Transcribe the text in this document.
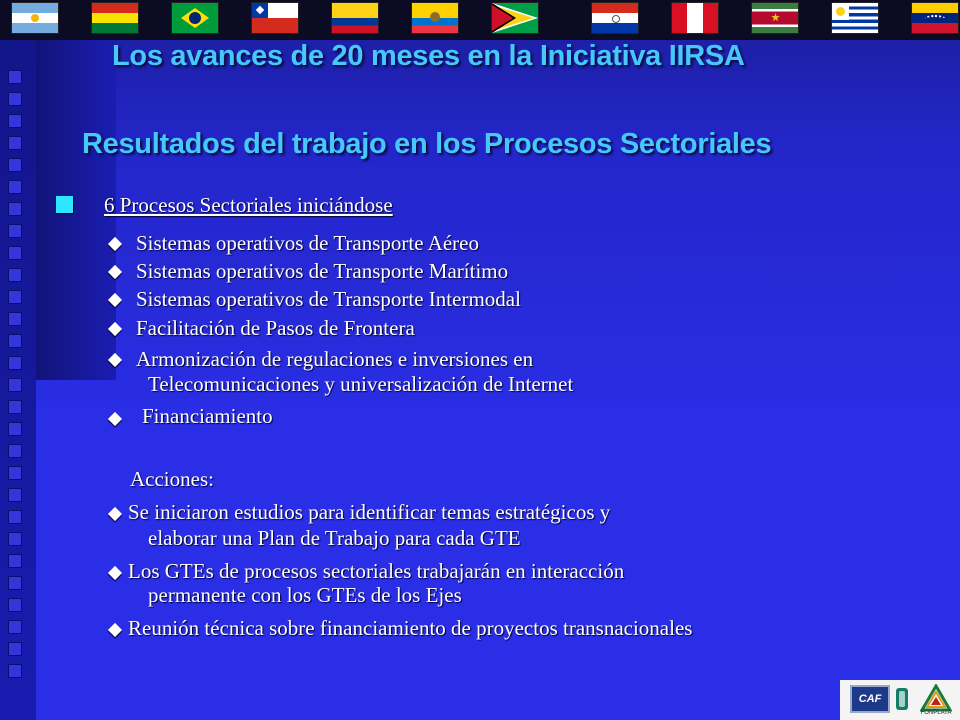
Los avances de 20 meses en la Iniciativa IIRSA
Resultados del trabajo en los Procesos Sectoriales
6 Procesos Sectoriales iniciándose
Sistemas operativos de Transporte Aéreo
Sistemas operativos de Transporte Marítimo
Sistemas operativos de Transporte Intermodal
Facilitación de Pasos de Frontera
Armonización de regulaciones e inversiones en
Telecomunicaciones y universalización de Internet
Financiamiento
Acciones:
Se iniciaron estudios para identificar temas estratégicos y
elaborar una Plan de Trabajo para cada GTE
Los GTEs de procesos sectoriales trabajarán en interacción
permanente con los GTEs de los Ejes
Reunión técnica sobre financiamiento de proyectos transnacionales
CAF
FONPLATA
